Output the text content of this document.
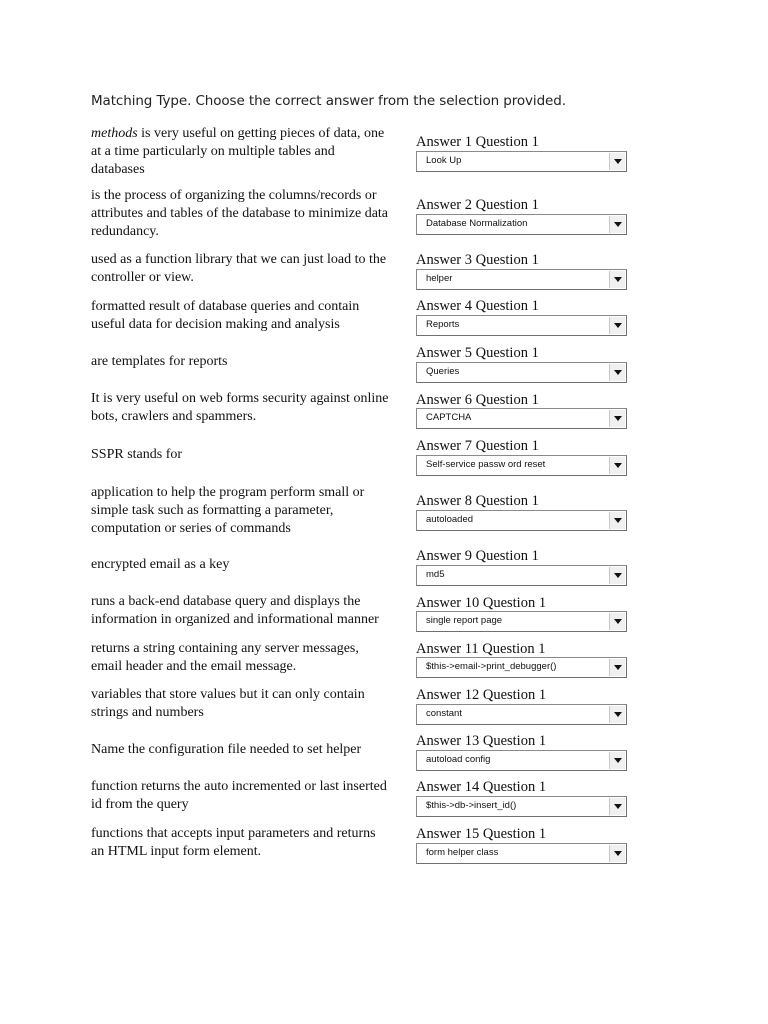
Matching Type. Choose the correct answer from the selection provided.
methods is very useful on getting pieces of data, one
at a time particularly on multiple tables and
databases
Answer 1 Question 1
Look Up
is the process of organizing the columns/records or
attributes and tables of the database to minimize data
redundancy.
Answer 2 Question 1
Database Normalization
used as a function library that we can just load to the
controller or view.
Answer 3 Question 1
helper
formatted result of database queries and contain
useful data for decision making and analysis
Answer 4 Question 1
Reports
are templates for reports
Answer 5 Question 1
Queries
It is very useful on web forms security against online
bots, crawlers and spammers.
Answer 6 Question 1
CAPTCHA
SSPR stands for
Answer 7 Question 1
Self-service passw ord reset
application to help the program perform small or
simple task such as formatting a parameter,
computation or series of commands
Answer 8 Question 1
autoloaded
encrypted email as a key
Answer 9 Question 1
md5
runs a back-end database query and displays the
information in organized and informational manner
Answer 10 Question 1
single report page
returns a string containing any server messages,
email header and the email message.
Answer 11 Question 1
$this->email->print_debugger()
variables that store values but it can only contain
strings and numbers
Answer 12 Question 1
constant
Name the configuration file needed to set helper
Answer 13 Question 1
autoload config
function returns the auto incremented or last inserted
id from the query
Answer 14 Question 1
$this->db->insert_id()
functions that accepts input parameters and returns
an HTML input form element.
Answer 15 Question 1
form helper class
